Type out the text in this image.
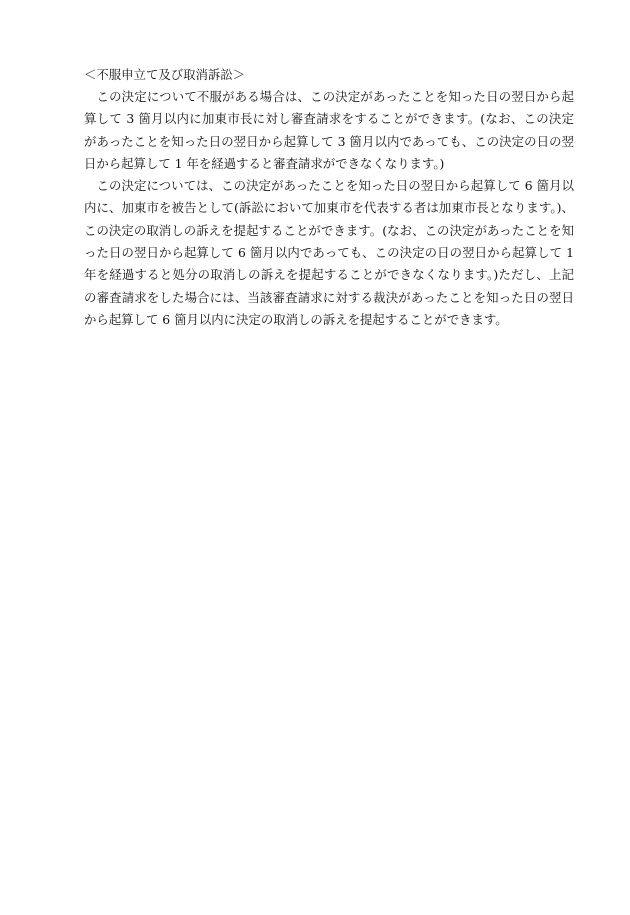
＜不服申立て及び取消訴訟＞

この決定について不服がある場合は、この決定があったことを知った日の翌日から起算して 3 箇月以内に加東市長に対し審査請求をすることができます。(なお、この決定があったことを知った日の翌日から起算して 3 箇月以内であっても、この決定の日の翌日から起算して 1 年を経過すると審査請求ができなくなります。)

この決定については、この決定があったことを知った日の翌日から起算して 6 箇月以内に、加東市を被告として(訴訟において加東市を代表する者は加東市長となります。)、この決定の取消しの訴えを提起することができます。(なお、この決定があったことを知った日の翌日から起算して 6 箇月以内であっても、この決定の日の翌日から起算して 1 年を経過すると処分の取消しの訴えを提起することができなくなります。)ただし、上記の審査請求をした場合には、当該審査請求に対する裁決があったことを知った日の翌日から起算して 6 箇月以内に決定の取消しの訴えを提起することができます。
